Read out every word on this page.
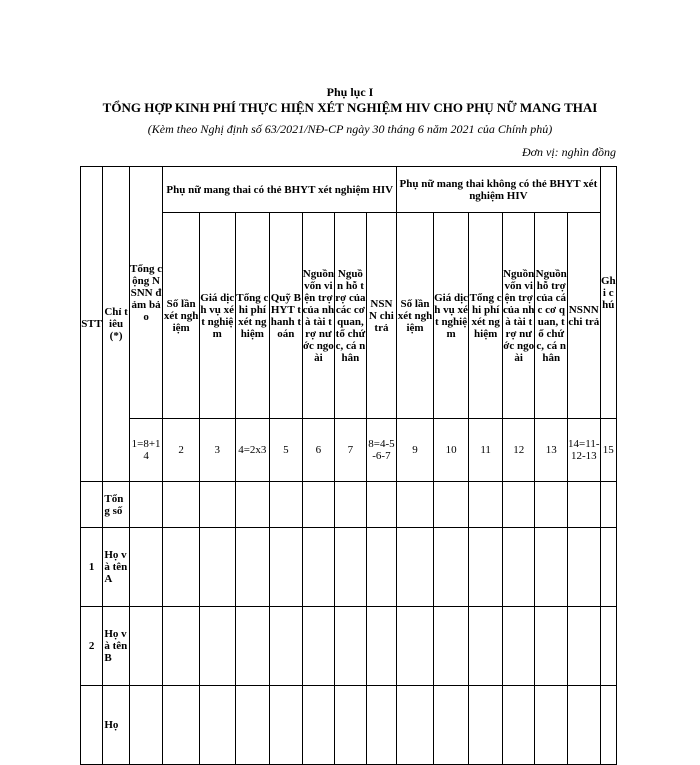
Phụ lục I
TỔNG HỢP KINH PHÍ THỰC HIỆN XÉT NGHIỆM HIV CHO PHỤ NỮ MANG THAI
(Kèm theo Nghị định số 63/2021/NĐ-CP ngày 30 tháng 6 năm 2021 của Chính phủ)
Đơn vị: nghìn đồng
STT	Chỉ tiêu (*)	Tổng cộng NSNN đảm bảo	Phụ nữ mang thai có thẻ BHYT xét nghiệm HIV							Phụ nữ mang thai không có thẻ BHYT xét nghiệm HIV						Ghi chú
			Số lần xét nghiệm	Giá dịch vụ xét nghiệm	Tổng chi phí xét nghiệm	Quỹ BHYT thanh toán	Nguồn vốn viện trợ của nhà tài trợ nước ngoài	Nguồn hỗ trợ của các cơ quan, tổ chức, cá nhân	NSNN chi trả	Số lần xét nghiệm	Giá dịch vụ xét nghiệm	Tổng chi phí xét nghiệm	Nguồn vốn viện trợ của nhà tài trợ nước ngoài	Nguồn hỗ trợ của các cơ quan, tổ chức, cá nhân	NSNN chi trả	
		1=8+14	2	3	4=2x3	5	6	7	8=4-5-6-7	9	10	11	12	13	14=11-12-13	15
	Tổng số															
1	Họ và tên A															
2	Họ và tên B															
	Họ															
